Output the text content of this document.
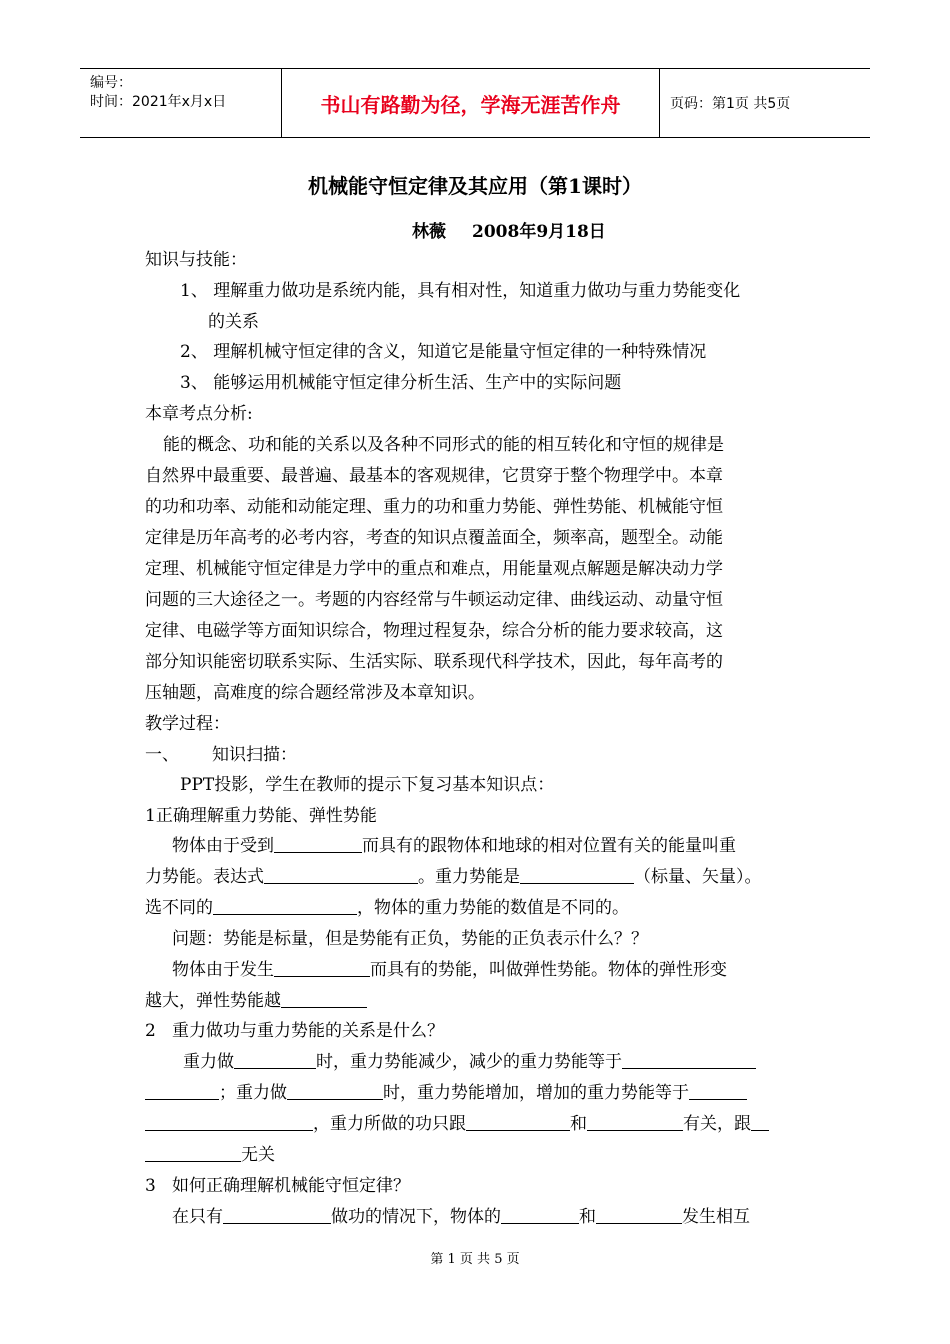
编号：
时间：2021年x月x日	书山有路勤为径，学海无涯苦作舟	页码：第1页 共5页
机械能守恒定律及其应用（第1课时）
林薇 2008年9月18日
知识与技能：
1、 理解重力做功是系统内能，具有相对性，知道重力做功与重力势能变化
的关系
2、 理解机械守恒定律的含义，知道它是能量守恒定律的一种特殊情况
3、 能够运用机械能守恒定律分析生活、生产中的实际问题
本章考点分析:
能的概念、功和能的关系以及各种不同形式的能的相互转化和守恒的规律是
自然界中最重要、最普遍、最基本的客观规律，它贯穿于整个物理学中。本章
的功和功率、动能和动能定理、重力的功和重力势能、弹性势能、机械能守恒
定律是历年高考的必考内容，考查的知识点覆盖面全，频率高，题型全。动能
定理、机械能守恒定律是力学中的重点和难点，用能量观点解题是解决动力学
问题的三大途径之一。考题的内容经常与牛顿运动定律、曲线运动、动量守恒
定律、电磁学等方面知识综合，物理过程复杂，综合分析的能力要求较高，这
部分知识能密切联系实际、生活实际、联系现代科学技术，因此，每年高考的
压轴题，高难度的综合题经常涉及本章知识。
教学过程：
一、 知识扫描：
PPT投影，学生在教师的提示下复习基本知识点：
1正确理解重力势能、弹性势能
物体由于受到	而具有的跟物体和地球的相对位置有关的能量叫重
力势能。表达式	。重力势能是	（标量、矢量）。
选不同的	，物体的重力势能的数值是不同的。
问题：势能是标量，但是势能有正负，势能的正负表示什么？？
物体由于发生	而具有的势能，叫做弹性势能。物体的弹性形变
越大，弹性势能越
2 重力做功与重力势能的关系是什么？
重力做	时，重力势能减少，减少的重力势能等于
；重力做	时，重力势能增加，增加的重力势能等于
，重力所做的功只跟	和	有关，跟
无关
3 如何正确理解机械能守恒定律？
在只有	做功的情况下，物体的	和	发生相互
第 1 页 共 5 页
